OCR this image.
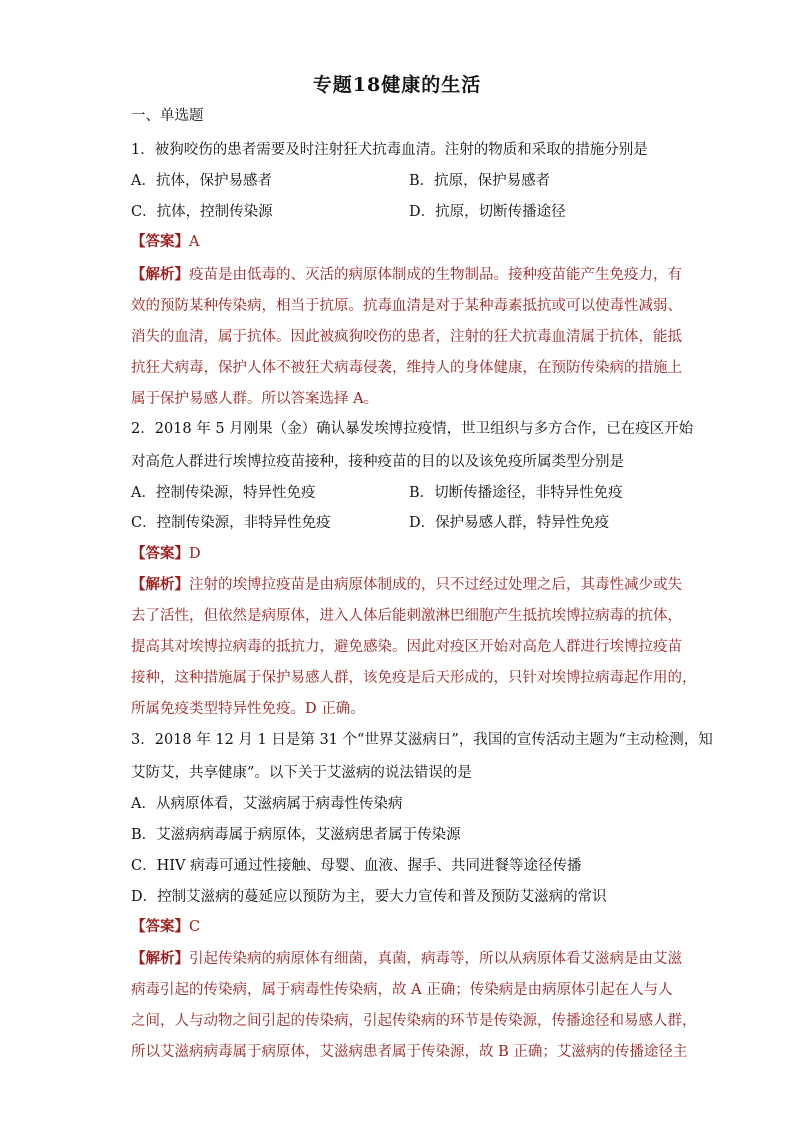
专题18健康的生活
一、单选题
1．被狗咬伤的患者需要及时注射狂犬抗毒血清。注射的物质和采取的措施分别是
A．抗体，保护易感者	B．抗原，保护易感者
C．抗体，控制传染源	D．抗原，切断传播途径
【答案】A
【解析】疫苗是由低毒的、灭活的病原体制成的生物制品。接种疫苗能产生免疫力，有
效的预防某种传染病，相当于抗原。抗毒血清是对于某种毒素抵抗或可以使毒性减弱、
消失的血清，属于抗体。因此被疯狗咬伤的患者，注射的狂犬抗毒血清属于抗体，能抵
抗狂犬病毒，保护人体不被狂犬病毒侵袭，维持人的身体健康，在预防传染病的措施上
属于保护易感人群。所以答案选择 A。
2．2018 年 5 月刚果（金）确认暴发埃博拉疫情，世卫组织与多方合作，已在疫区开始
对高危人群进行埃博拉疫苗接种，接种疫苗的目的以及该免疫所属类型分别是
A．控制传染源，特异性免疫	B．切断传播途径，非特异性免疫
C．控制传染源，非特异性免疫	D．保护易感人群，特异性免疫
【答案】D
【解析】注射的埃博拉疫苗是由病原体制成的，只不过经过处理之后，其毒性减少或失
去了活性，但依然是病原体，进入人体后能刺激淋巴细胞产生抵抗埃博拉病毒的抗体，
提高其对埃博拉病毒的抵抗力，避免感染。因此对疫区开始对高危人群进行埃博拉疫苗
接种，这种措施属于保护易感人群，该免疫是后天形成的，只针对埃博拉病毒起作用的，
所属免疫类型特异性免疫。D 正确。
3．2018 年 12 月 1 日是第 31 个“世界艾滋病日”，我国的宣传活动主题为“主动检测，知
艾防艾，共享健康”。以下关于艾滋病的说法错误的是
A．从病原体看，艾滋病属于病毒性传染病
B．艾滋病病毒属于病原体，艾滋病患者属于传染源
C．HIV 病毒可通过性接触、母婴、血液、握手、共同进餐等途径传播
D．控制艾滋病的蔓延应以预防为主，要大力宣传和普及预防艾滋病的常识
【答案】C
【解析】引起传染病的病原体有细菌，真菌，病毒等，所以从病原体看艾滋病是由艾滋
病毒引起的传染病，属于病毒性传染病，故 A 正确；传染病是由病原体引起在人与人
之间，人与动物之间引起的传染病，引起传染病的环节是传染源，传播途径和易感人群，
所以艾滋病病毒属于病原体，艾滋病患者属于传染源，故 B 正确；艾滋病的传播途径主
